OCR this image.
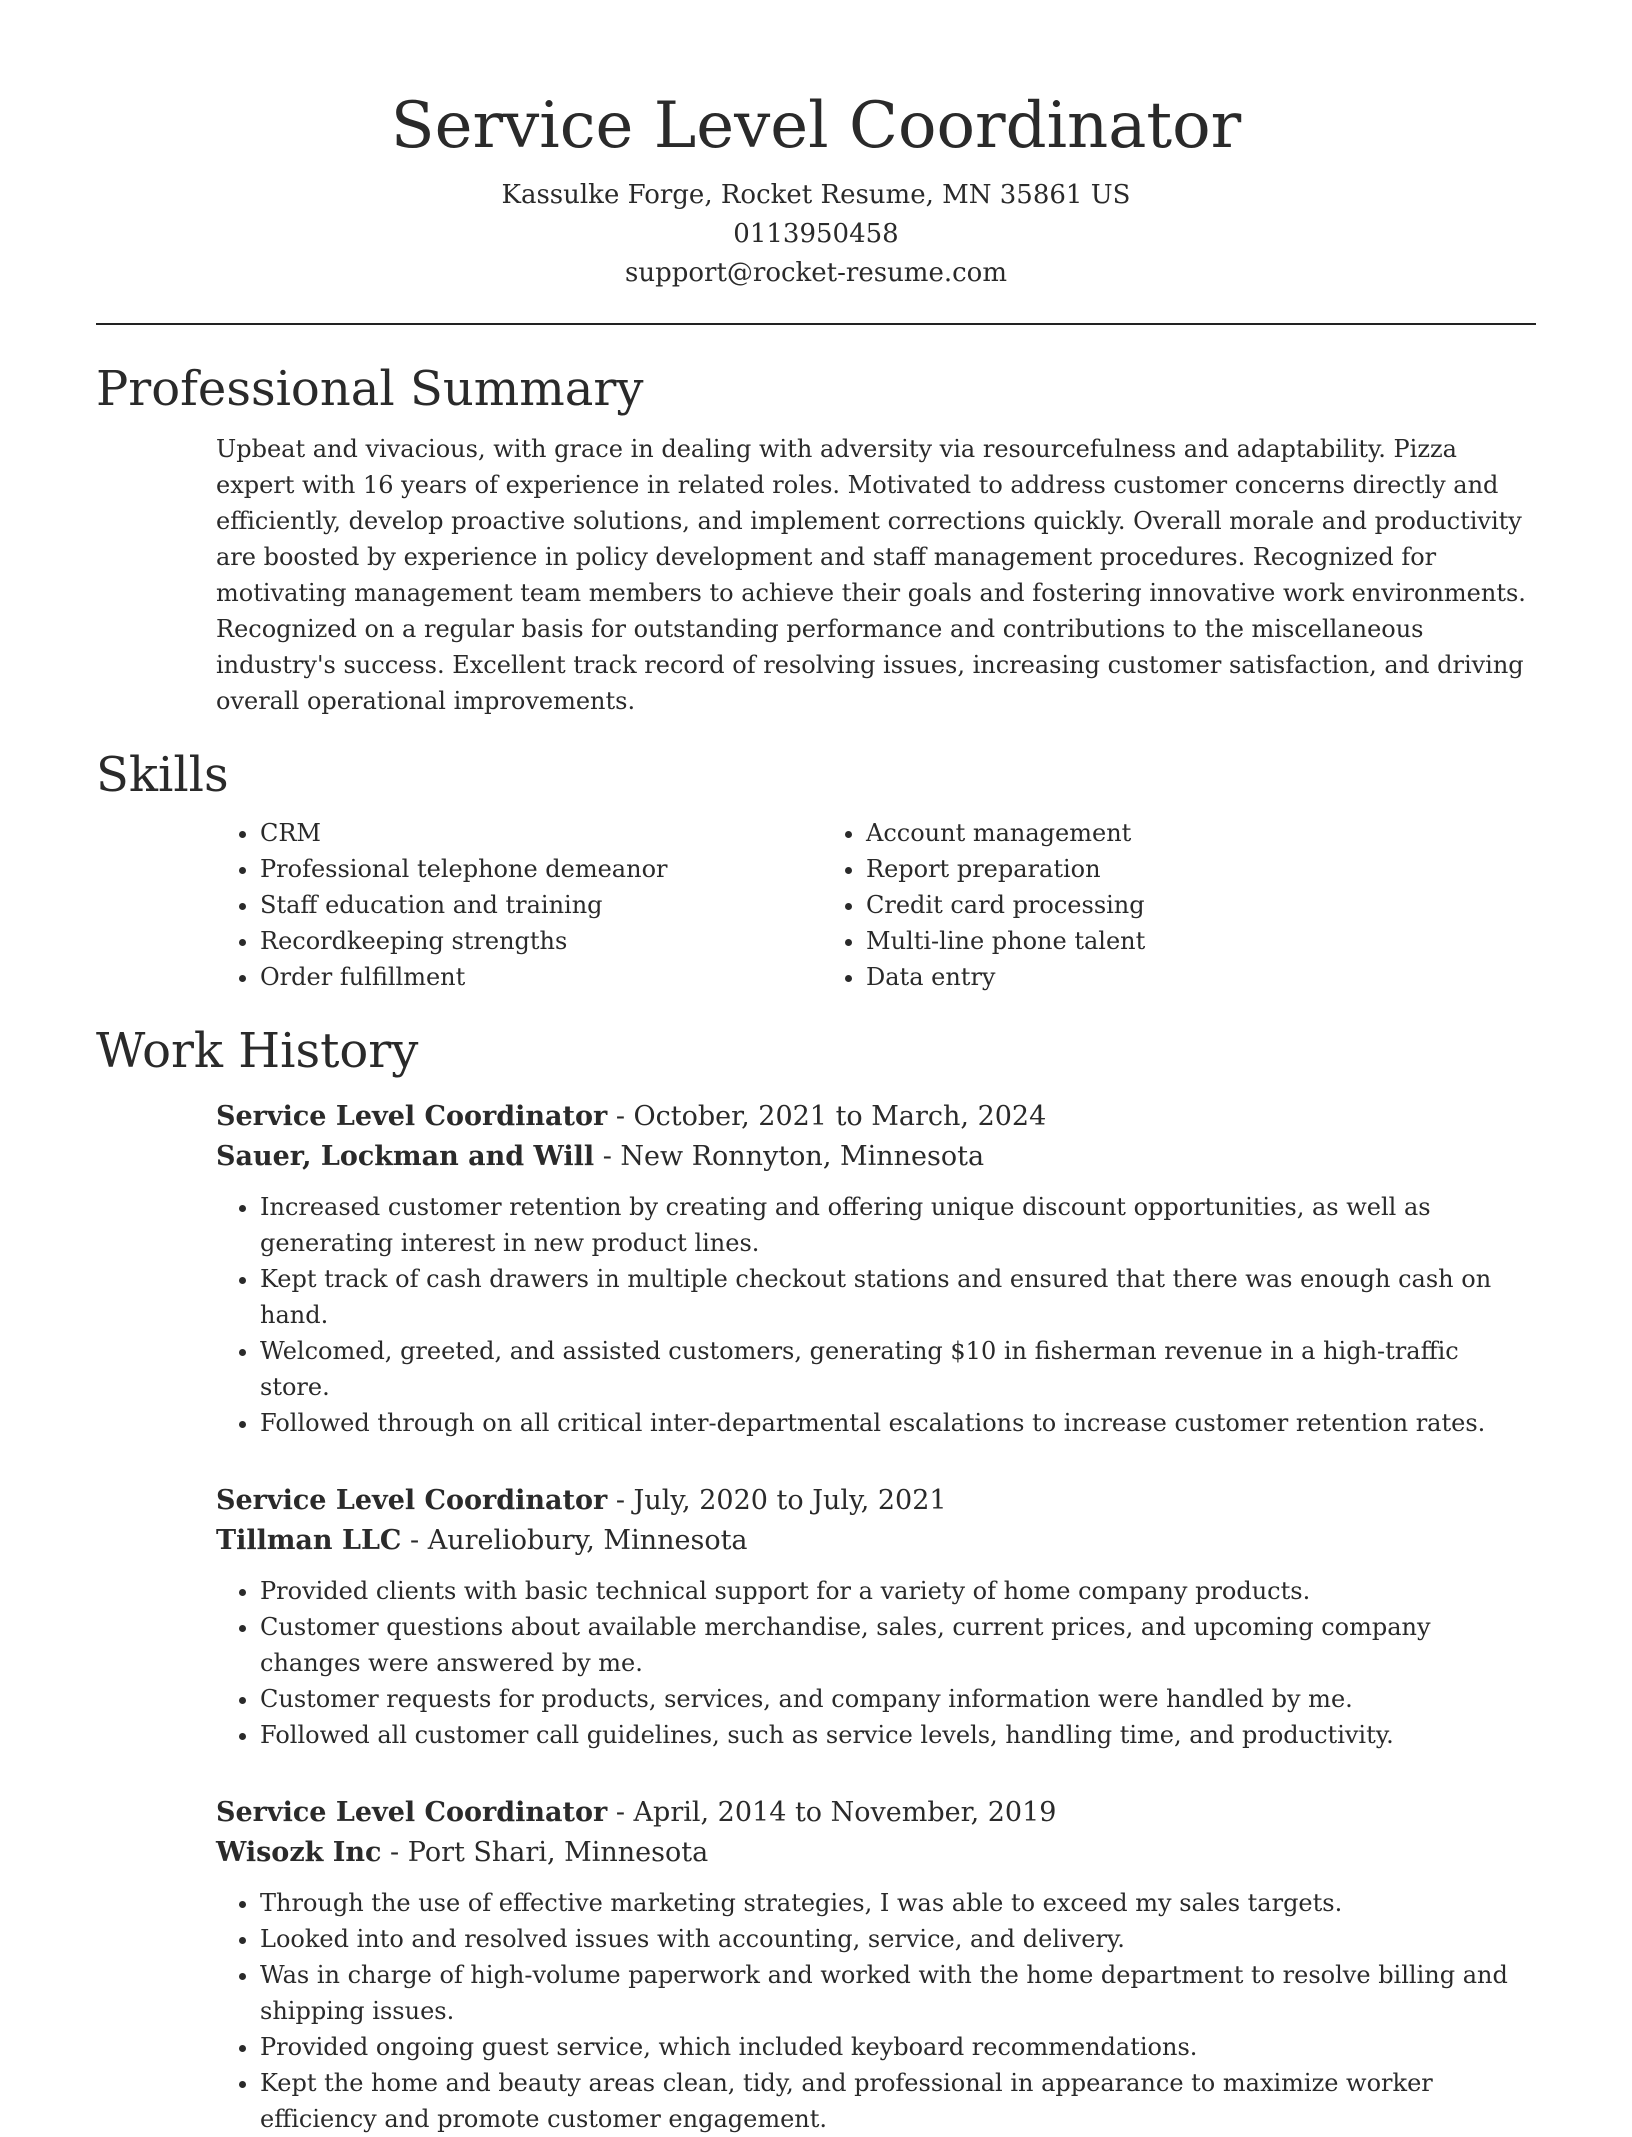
Service Level Coordinator
Kassulke Forge, Rocket Resume, MN 35861 US
0113950458
support@rocket-resume.com
Professional Summary

Upbeat and vivacious, with grace in dealing with adversity via resourcefulness and adaptability. Pizza expert with 16 years of experience in related roles. Motivated to address customer concerns directly and efficiently, develop proactive solutions, and implement corrections quickly. Overall morale and productivity are boosted by experience in policy development and staff management procedures. Recognized for motivating management team members to achieve their goals and fostering innovative work environments. Recognized on a regular basis for outstanding performance and contributions to the miscellaneous industry's success. Excellent track record of resolving issues, increasing customer satisfaction, and driving overall operational improvements.

Skills
• CRM
• Professional telephone demeanor
• Staff education and training
• Recordkeeping strengths
• Order fulfillment
• Account management
• Report preparation
• Credit card processing
• Multi-line phone talent
• Data entry
Work History
Service Level Coordinator - October, 2021 to March, 2024
Sauer, Lockman and Will - New Ronnyton, Minnesota
• Increased customer retention by creating and offering unique discount opportunities, as well as generating interest in new product lines.
• Kept track of cash drawers in multiple checkout stations and ensured that there was enough cash on hand.
• Welcomed, greeted, and assisted customers, generating $10 in fisherman revenue in a high-traffic store.
• Followed through on all critical inter-departmental escalations to increase customer retention rates.
Service Level Coordinator - July, 2020 to July, 2021
Tillman LLC - Aureliobury, Minnesota
• Provided clients with basic technical support for a variety of home company products.
• Customer questions about available merchandise, sales, current prices, and upcoming company changes were answered by me.
• Customer requests for products, services, and company information were handled by me.
• Followed all customer call guidelines, such as service levels, handling time, and productivity.
Service Level Coordinator - April, 2014 to November, 2019
Wisozk Inc - Port Shari, Minnesota
• Through the use of effective marketing strategies, I was able to exceed my sales targets.
• Looked into and resolved issues with accounting, service, and delivery.
• Was in charge of high-volume paperwork and worked with the home department to resolve billing and shipping issues.
• Provided ongoing guest service, which included keyboard recommendations.
• Kept the home and beauty areas clean, tidy, and professional in appearance to maximize worker efficiency and promote customer engagement.
